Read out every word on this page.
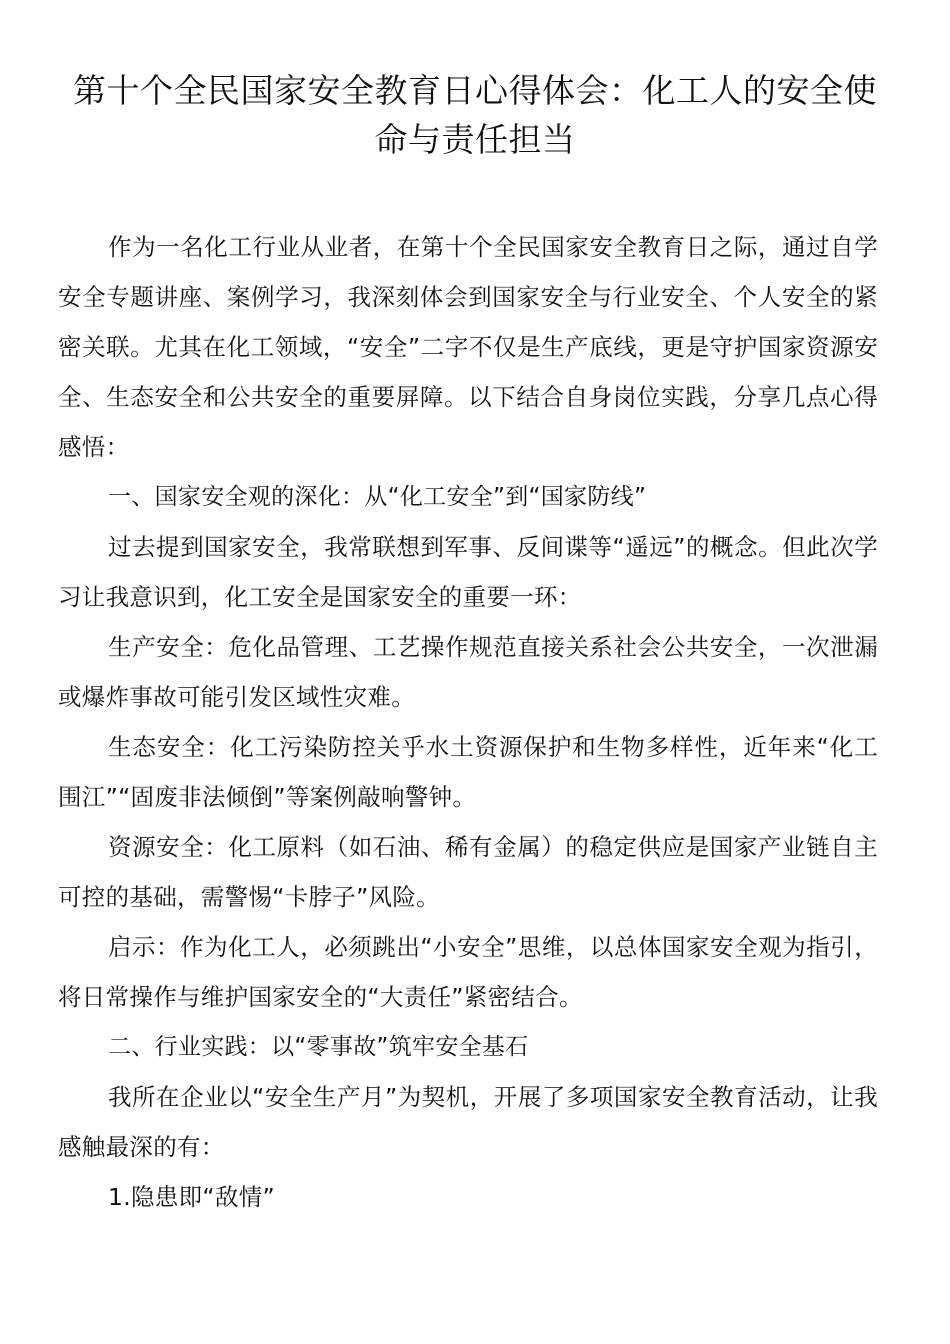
第十个全民国家安全教育日心得体会：化工人的安全使命与责任担当

作为一名化工行业从业者，在第十个全民国家安全教育日之际，通过自学安全专题讲座、案例学习，我深刻体会到国家安全与行业安全、个人安全的紧密关联。尤其在化工领域，“安全”二字不仅是生产底线，更是守护国家资源安全、生态安全和公共安全的重要屏障。以下结合自身岗位实践，分享几点心得感悟：

一、国家安全观的深化：从“化工安全”到“国家防线”

过去提到国家安全，我常联想到军事、反间谍等“遥远”的概念。但此次学习让我意识到，化工安全是国家安全的重要一环：

生产安全：危化品管理、工艺操作规范直接关系社会公共安全，一次泄漏或爆炸事故可能引发区域性灾难。

生态安全：化工污染防控关乎水土资源保护和生物多样性，近年来“化工围江”“固废非法倾倒”等案例敲响警钟。

资源安全：化工原料（如石油、稀有金属）的稳定供应是国家产业链自主可控的基础，需警惕“卡脖子”风险。

启示：作为化工人，必须跳出“小安全”思维，以总体国家安全观为指引，将日常操作与维护国家安全的“大责任”紧密结合。

二、行业实践：以“零事故”筑牢安全基石

我所在企业以“安全生产月”为契机，开展了多项国家安全教育活动，让我感触最深的有：

1.隐患即“敌情”
